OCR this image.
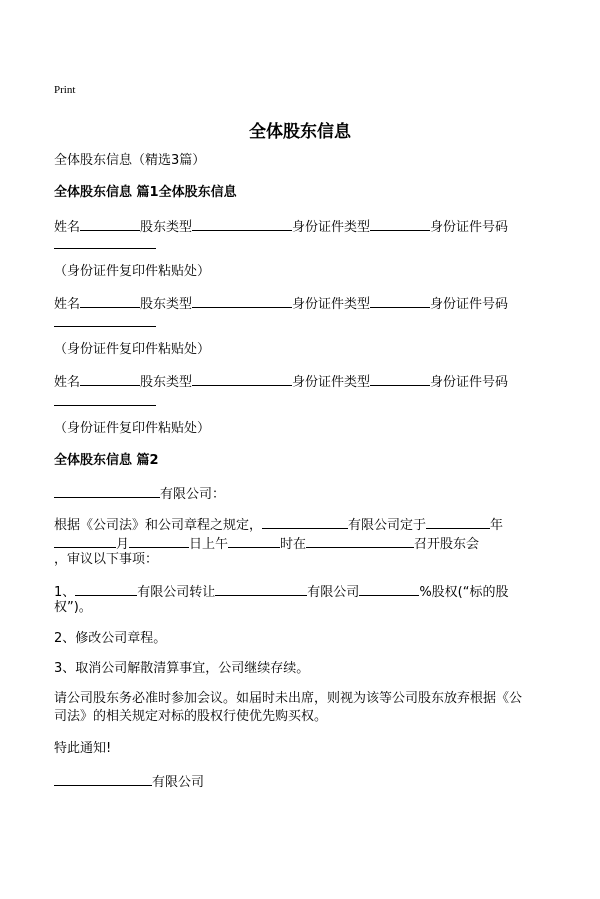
Print
全体股东信息
全体股东信息（精选3篇）
全体股东信息 篇1全体股东信息
姓名	股东类型	身份证件类型	身份证件号码
（身份证件复印件粘贴处）
姓名	股东类型	身份证件类型	身份证件号码
（身份证件复印件粘贴处）
姓名	股东类型	身份证件类型	身份证件号码
（身份证件复印件粘贴处）
全体股东信息 篇2
有限公司：
根据《公司法》和公司章程之规定，	有限公司定于	年
月	日上午	时在	召开股东会
，审议以下事项：
1、	有限公司转让	有限公司	%股权(“标的股
权”)。
2、修改公司章程。
3、取消公司解散清算事宜，公司继续存续。
请公司股东务必准时参加会议。如届时未出席，则视为该等公司股东放弃根据《公
司法》的相关规定对标的股权行使优先购买权。
特此通知!
有限公司
